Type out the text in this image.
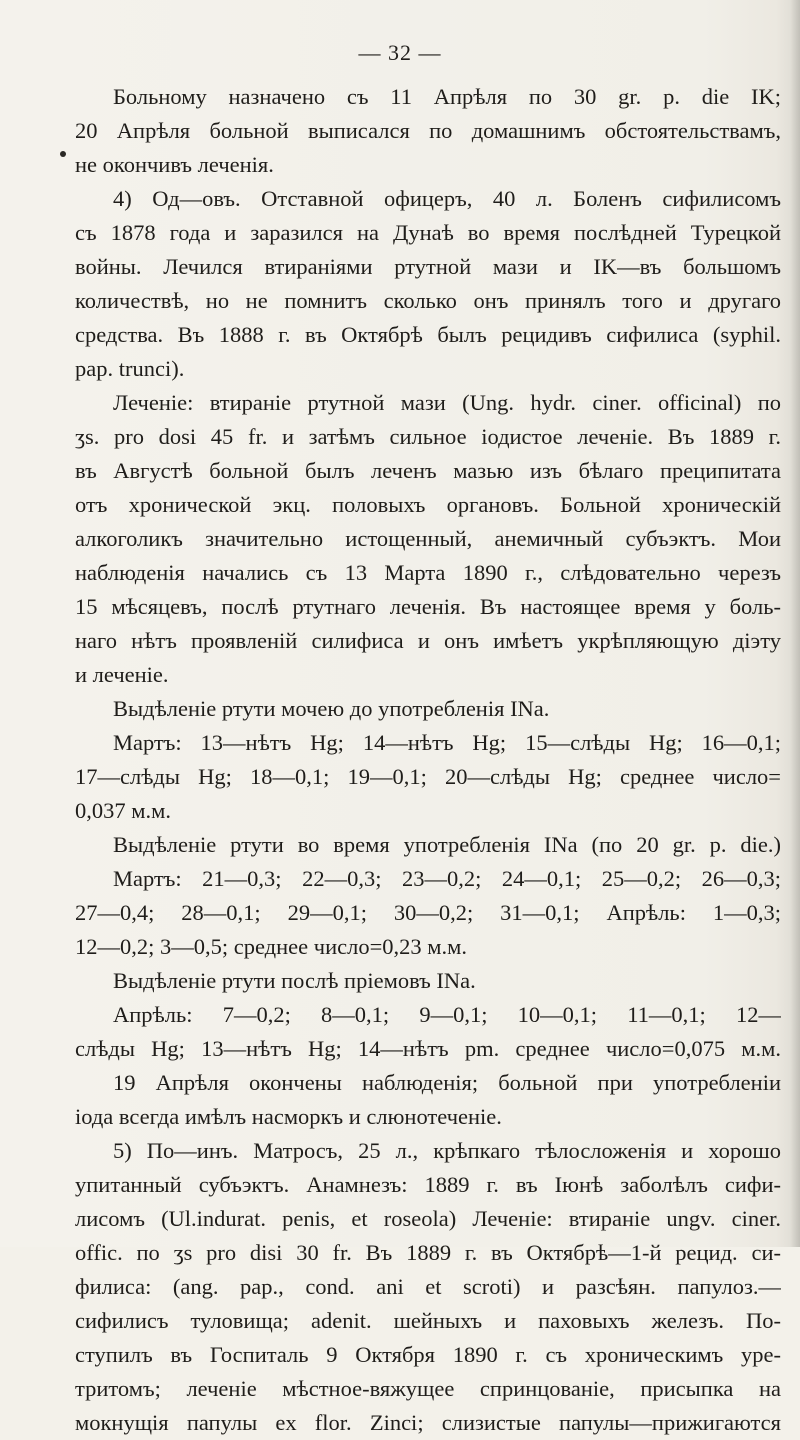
— 32 —
Больному назначено съ 11 Апрѣля по 30 gr. p. die IK;
20 Апрѣля больной выписался по домашнимъ обстоятельствамъ,
не окончивъ леченія.
4) Од—овъ. Отставной офицеръ, 40 л. Боленъ сифилисомъ
съ 1878 года и заразился на Дунаѣ во время послѣдней Турецкой
войны. Лечился втираніями ртутной мази и IK—въ большомъ
количествѣ, но не помнитъ сколько онъ принялъ того и другаго
средства. Въ 1888 г. въ Октябрѣ былъ рецидивъ сифилиса (syphil.
pap. truncі).
Леченіе: втираніе ртутной мази (Ung. hydr. ciner. officinal) по
ʒs. pro dosi 45 fr. и затѣмъ сильное іодистое леченіе. Въ 1889 г.
въ Августѣ больной былъ леченъ мазью изъ бѣлаго преципитата
отъ хронической экц. половыхъ органовъ. Больной хроническій
алкоголикъ значительно истощенный, анемичный субъэктъ. Мои
наблюденія начались съ 13 Марта 1890 г., слѣдовательно черезъ
15 мѣсяцевъ, послѣ ртутнаго леченія. Въ настоящее время у боль-
наго нѣтъ проявленій силифиса и онъ имѣетъ укрѣпляющую діэту
и леченіе.
Выдѣленіе ртути мочею до употребленія INa.
Мартъ: 13—нѣтъ Hg; 14—нѣтъ Hg; 15—слѣды Hg; 16—0,1;
17—слѣды Hg; 18—0,1; 19—0,1; 20—слѣды Hg; среднее число=
0,037 м.м.
Выдѣленіе ртути во время употребленія INa (по 20 gr. p. die.)
Мартъ: 21—0,3; 22—0,3; 23—0,2; 24—0,1; 25—0,2; 26—0,3;
27—0,4; 28—0,1; 29—0,1; 30—0,2; 31—0,1; Апрѣль: 1—0,3;
12—0,2; 3—0,5; среднее число=0,23 м.м.
Выдѣленіе ртути послѣ пріемовъ INa.
Апрѣль: 7—0,2; 8—0,1; 9—0,1; 10—0,1; 11—0,1; 12—
слѣды Hg; 13—нѣтъ Hg; 14—нѣтъ рm. среднее число=0,075 м.м.
19 Апрѣля окончены наблюденія; больной при употребленіи
іода всегда имѣлъ насморкъ и слюнотеченіе.
5) По—инъ. Матросъ, 25 л., крѣпкаго тѣлосложенія и хорошо
упитанный субъэктъ. Анамнезъ: 1889 г. въ Іюнѣ заболѣлъ сифи-
лисомъ (Ul.indurat. penis, et roseola) Леченіе: втираніе ungv. ciner.
offic. по ʒs pro disi 30 fr. Въ 1889 г. въ Октябрѣ—1-й рецид. си-
филиса: (ang. pap., cond. ani et scroti) и разсѣян. папулоз.—
сифилисъ туловища; adenit. шейныхъ и паховыхъ железъ. По-
ступилъ въ Госпиталь 9 Октября 1890 г. съ хроническимъ уре-
тритомъ; леченіе мѣстное-вяжущее спринцованіе, присыпка на
мокнущія папулы ex flor. Zinci; слизистые папулы—прижигаются
